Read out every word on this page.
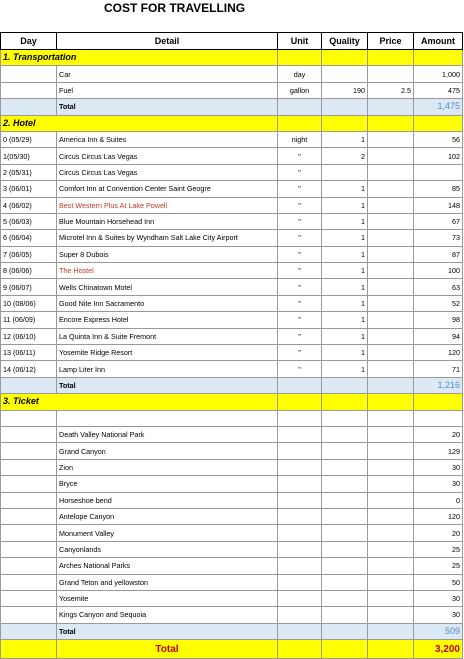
COST FOR TRAVELLING
Day	Detail	Unit	Quality	Price	Amount
1. Transportation					
	Car	day			1,000
	Fuel	gallon	190	2.5	475
	Total				1,475
2. Hotel					
0 (05/29)	America Inn & Suites	night	1		56
1(05/30)	Circus Circus Las Vegas	"	2		102
2 (05/31)	Circus Circus Las Vegas	"			
3 (06/01)	Comfort Inn at Convention Center Saint Geogre	"	1		85
4 (06/02)	Best Western Plus At Lake Powell	"	1		148
5 (06/03)	Blue Mountain Horsehead Inn	"	1		67
6 (06/04)	Microtel Inn & Suites by Wyndham Salt Lake City Airport	"	1		73
7 (06/05)	Super 8 Dubois	"	1		87
8 (06/06)	The Hostel	"	1		100
9 (06/07)	Wells Chinatown Motel	"	1		63
10 (08/06)	Good Nite Inn Sacramento	"	1		52
11 (06/09)	Encore Express Hotel	"	1		98
12 (06/10)	La Quinta Inn & Suite Fremont	"	1		94
13 (06/11)	Yosemite Ridge Resort	"	1		120
14 (06/12)	Lamp Liter Inn	"	1		71
	Total				1,216
3. Ticket					

	Death Valley National Park				20
	Grand Canyon				129
	Zion				30
	Bryce				30
	Horseshoe bend				0
	Antelope Canyon				120
	Monument Valley				20
	Canyonlands				25
	Arches National Parks				25
	Grand Teton and yellowston				50
	Yosemite				30
	Kings Canyon and Sequoia				30
	Total				509
	Total				3,200
